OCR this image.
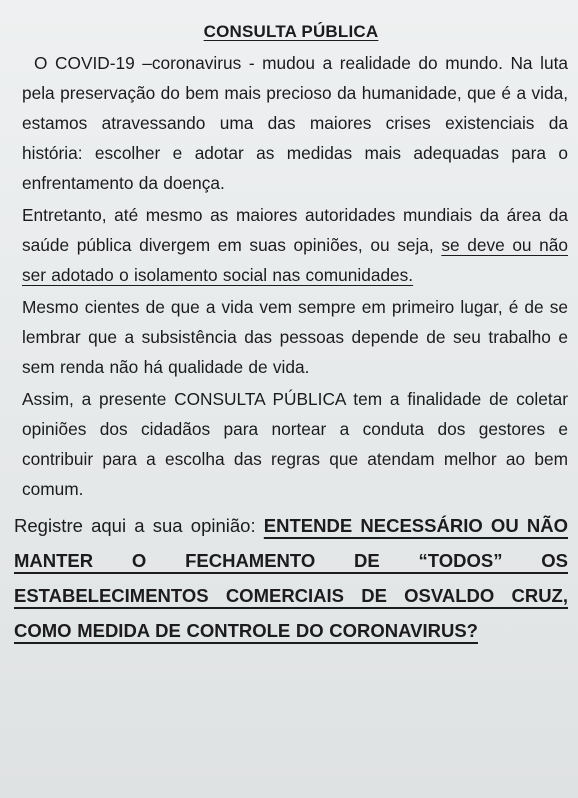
CONSULTA PÚBLICA

O COVID-19 –coronavirus - mudou a realidade do mundo. Na luta pela preservação do bem mais precioso da humanidade, que é a vida, estamos atravessando uma das maiores crises existenciais da história: escolher e adotar as medidas mais adequadas para o enfrentamento da doença.

Entretanto, até mesmo as maiores autoridades mundiais da área da saúde pública divergem em suas opiniões, ou seja, se deve ou não ser adotado o isolamento social nas comunidades.

Mesmo cientes de que a vida vem sempre em primeiro lugar, é de se lembrar que a subsistência das pessoas depende de seu trabalho e sem renda não há qualidade de vida.

Assim, a presente CONSULTA PÚBLICA tem a finalidade de coletar opiniões dos cidadãos para nortear a conduta dos gestores e contribuir para a escolha das regras que atendam melhor ao bem comum.

Registre aqui a sua opinião: ENTENDE NECESSÁRIO OU NÃO MANTER O FECHAMENTO DE “TODOS” OS ESTABELECIMENTOS COMERCIAIS DE OSVALDO CRUZ, COMO MEDIDA DE CONTROLE DO CORONAVIRUS?
